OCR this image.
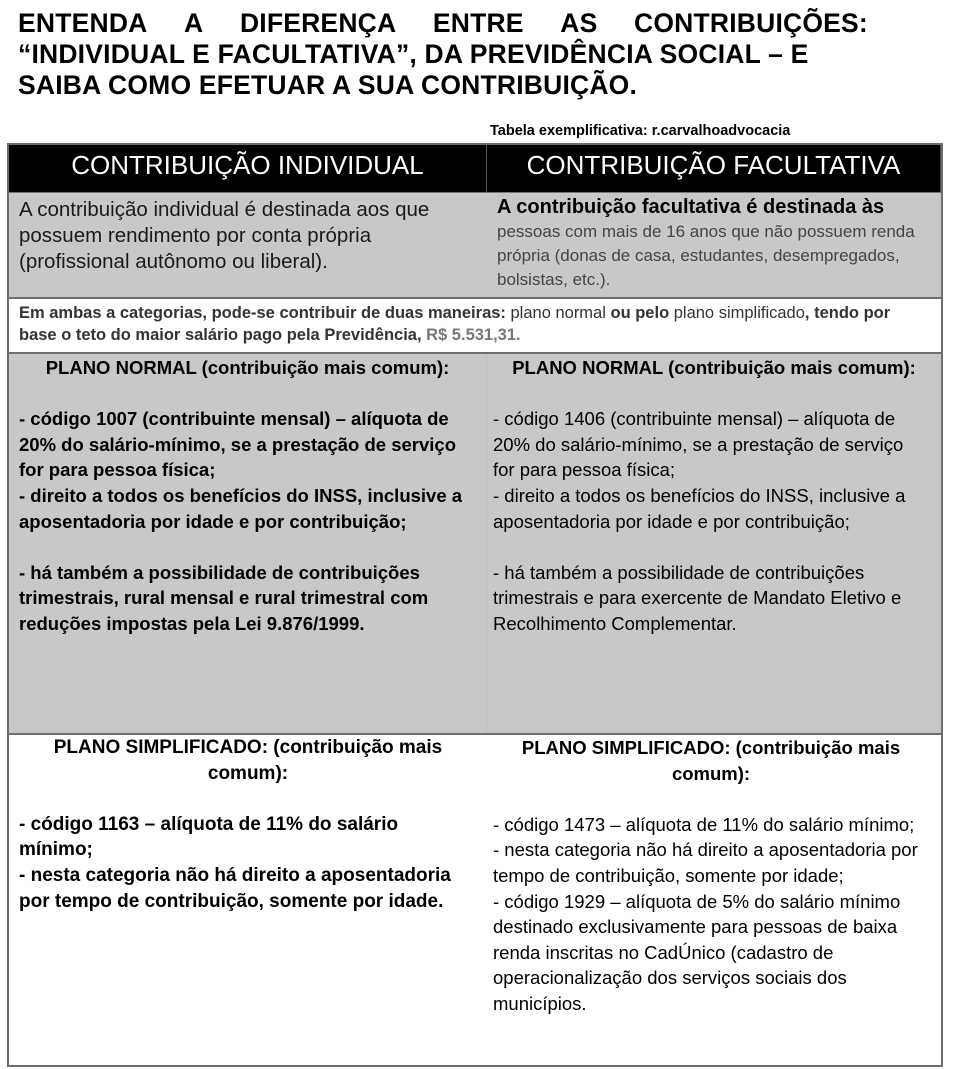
ENTENDA A DIFERENÇA ENTRE AS CONTRIBUIÇÕES:
“INDIVIDUAL E FACULTATIVA”, DA PREVIDÊNCIA SOCIAL – E
SAIBA COMO EFETUAR A SUA CONTRIBUIÇÃO.
Tabela exemplificativa: r.carvalhoadvocacia
CONTRIBUIÇÃO INDIVIDUAL	CONTRIBUIÇÃO FACULTATIVA
A contribuição individual é destinada aos que possuem rendimento por conta própria (profissional autônomo ou liberal).
A contribuição facultativa é destinada às pessoas com mais de 16 anos que não possuem renda própria (donas de casa, estudantes, desempregados, bolsistas, etc.).
Em ambas a categorias, pode-se contribuir de duas maneiras: plano normal ou pelo plano simplificado, tendo por base o teto do maior salário pago pela Previdência, R$ 5.531,31.
PLANO NORMAL (contribuição mais comum):
- código 1007 (contribuinte mensal) – alíquota de 20% do salário-mínimo, se a prestação de serviço for para pessoa física;
- direito a todos os benefícios do INSS, inclusive a aposentadoria por idade e por contribuição;
- há também a possibilidade de contribuições trimestrais, rural mensal e rural trimestral com reduções impostas pela Lei 9.876/1999.
PLANO NORMAL (contribuição mais comum):
- código 1406 (contribuinte mensal) – alíquota de 20% do salário-mínimo, se a prestação de serviço for para pessoa física;
- direito a todos os benefícios do INSS, inclusive a aposentadoria por idade e por contribuição;
- há também a possibilidade de contribuições trimestrais e para exercente de Mandato Eletivo e Recolhimento Complementar.
PLANO SIMPLIFICADO: (contribuição mais comum):
- código 1163 – alíquota de 11% do salário mínimo;
- nesta categoria não há direito a aposentadoria por tempo de contribuição, somente por idade.
PLANO SIMPLIFICADO: (contribuição mais comum):
- código 1473 – alíquota de 11% do salário mínimo;
- nesta categoria não há direito a aposentadoria por tempo de contribuição, somente por idade;
- código 1929 – alíquota de 5% do salário mínimo destinado exclusivamente para pessoas de baixa renda inscritas no CadÚnico (cadastro de operacionalização dos serviços sociais dos municípios.
